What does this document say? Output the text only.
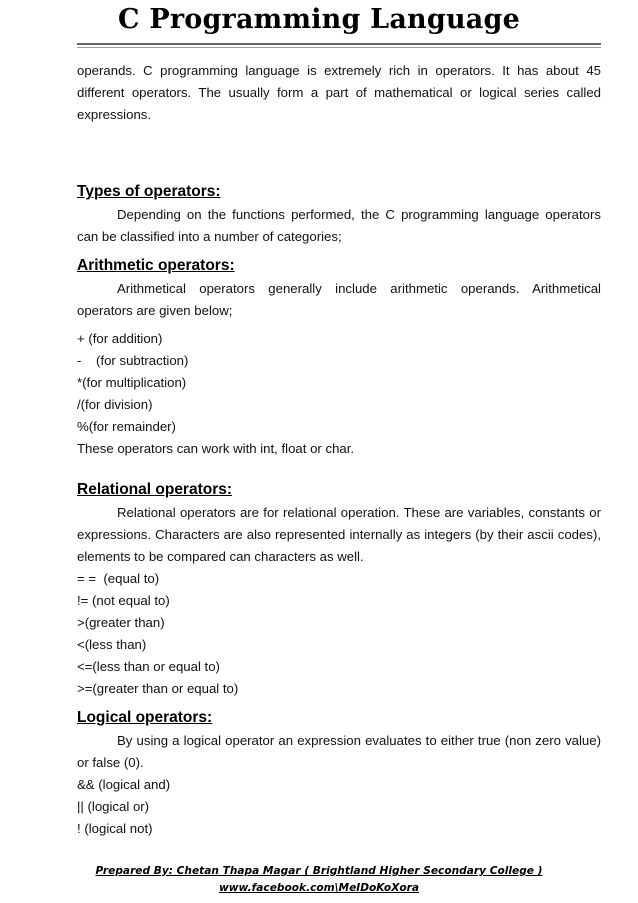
C Programming Language

operands. C programming language is extremely rich in operators. It has about 45 different operators. The usually form a part of mathematical or logical series called expressions.

Types of operators:

Depending on the functions performed, the C programming language operators can be classified into a number of categories;

Arithmetic operators:

Arithmetical operators generally include arithmetic operands. Arithmetical operators are given below;

+ (for addition)
-    (for subtraction)
*(for multiplication)
/(for division)
%(for remainder)
These operators can work with int, float or char.
Relational operators:

Relational operators are for relational operation. These are variables, constants or expressions. Characters are also represented internally as integers (by their ascii codes), elements to be compared can characters as well.

= =  (equal to)
!= (not equal to)
>(greater than)
<(less than)
<=(less than or equal to)
>=(greater than or equal to)
Logical operators:

By using a logical operator an expression evaluates to either true (non zero value) or false (0).

&& (logical and)
|| (logical or)
! (logical not)
Prepared By: Chetan Thapa Magar ( Brightland Higher Secondary College )
www.facebook.com\MeIDoKoXora
